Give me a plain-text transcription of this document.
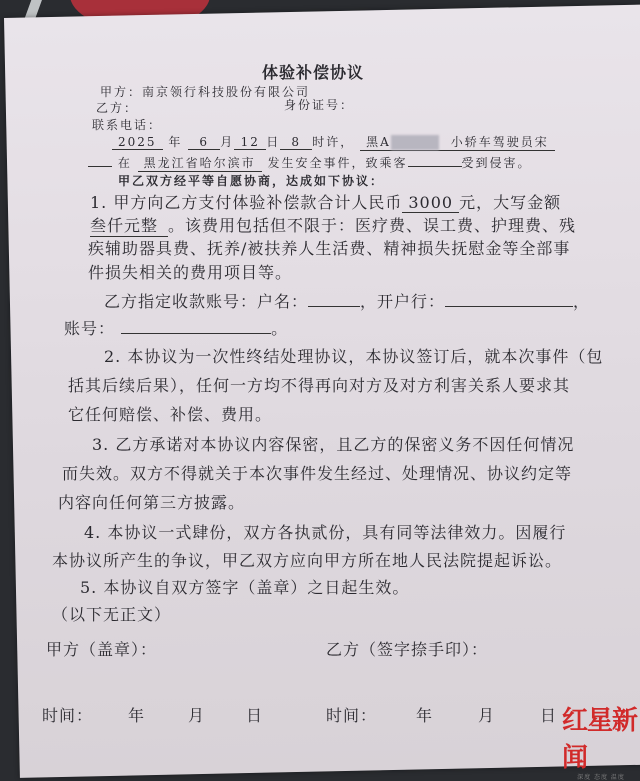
体验补偿协议
甲方：南京领行科技股份有限公司
乙方：	身份证号：
联系电话：
2025 年 6 月 12 日 8 时许， 黑A	小轿车驾驶员宋
在 黑龙江省哈尔滨市 发生安全事件，致乘客	受到侵害。
甲乙双方经平等自愿协商，达成如下协议：
1. 甲方向乙方支付体验补偿款合计人民币 3000 元，大写金额
叁仟元整 。该费用包括但不限于：医疗费、误工费、护理费、残
疾辅助器具费、抚养/被扶养人生活费、精神损失抚慰金等全部事
件损失相关的费用项目等。
乙方指定收款账号：户名：	，开户行：	，
账号：	。
2. 本协议为一次性终结处理协议，本协议签订后，就本次事件（包
括其后续后果），任何一方均不得再向对方及对方利害关系人要求其
它任何赔偿、补偿、费用。
3. 乙方承诺对本协议内容保密，且乙方的保密义务不因任何情况
而失效。双方不得就关于本次事件发生经过、处理情况、协议约定等
内容向任何第三方披露。
4. 本协议一式肆份，双方各执贰份，具有同等法律效力。因履行
本协议所产生的争议，甲乙双方应向甲方所在地人民法院提起诉讼。
5. 本协议自双方签字（盖章）之日起生效。
（以下无正文）
甲方（盖章）：	乙方（签字捺手印）：
时间： 年	月	日	时间： 年	月	日 红星新闻
深度 态度 温度
